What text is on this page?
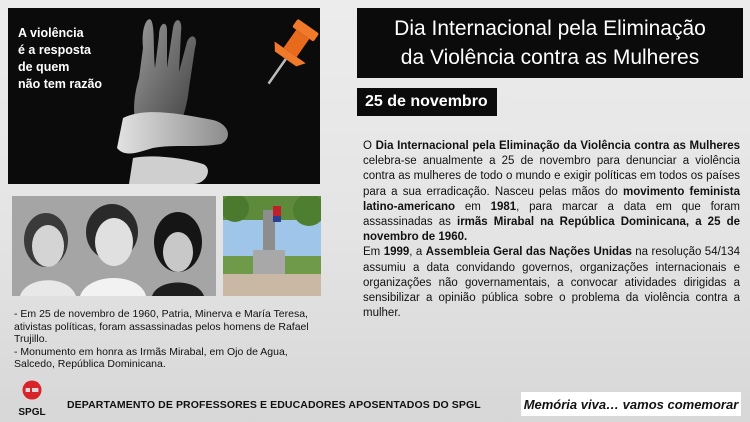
A violência
é a resposta
de quem
não tem razão
Dia Internacional pela Eliminação
da Violência contra as Mulheres
25 de novembro

O Dia Internacional pela Eliminação da Violência contra as Mulheres celebra-se anualmente a 25 de novembro para denunciar a violência contra as mulheres de todo o mundo e exigir políticas em todos os países para a sua erradicação. Nasceu pelas mãos do movimento feminista latino-americano em 1981, para marcar a data em que foram assassinadas as irmãs Mirabal na República Dominicana, a 25 de novembro de 1960.

Em 1999, a Assembleia Geral das Nações Unidas na resolução 54/134 assumiu a data convidando governos, organizações internacionais e organizações não governamentais, a convocar atividades dirigidas a sensibilizar a opinião pública sobre o problema da violência contra a mulher.

- Em 25 de novembro de 1960, Patria, Minerva e María Teresa, ativistas políticas, foram assassinadas pelos homens de Rafael Trujillo.

- Monumento em honra as Irmãs Mirabal, em Ojo de Agua, Salcedo, República Dominicana.

SPGL
DEPARTAMENTO DE PROFESSORES E EDUCADORES APOSENTADOS DO SPGL	Memória viva… vamos comemorar
